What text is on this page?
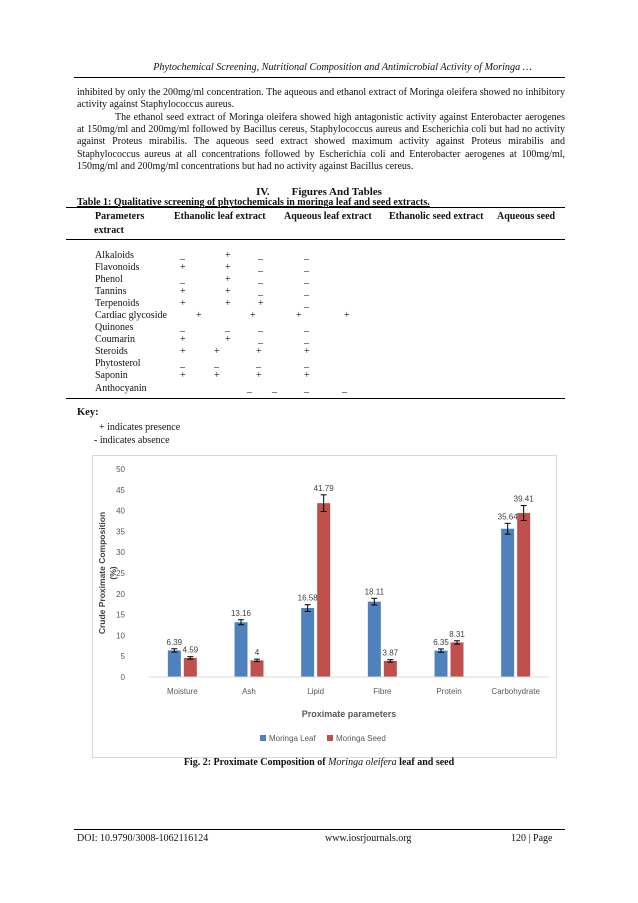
Phytochemical Screening, Nutritional Composition and Antimicrobial Activity of Moringa …

inhibited by only the 200mg/ml concentration. The aqueous and ethanol extract of Moringa oleifera showed no inhibitory activity against Staphylococcus aureus.

The ethanol seed extract of Moringa oleifera showed high antagonistic activity against Enterobacter aerogenes at 150mg/ml and 200mg/ml followed by Bacillus cereus, Staphylococcus aureus and Escherichia coli but had no activity against Proteus mirabilis. The aqueous seed extract showed maximum activity against Proteus mirabilis and Staphylococcus aureus at all concentrations followed by Escherichia coli and Enterobacter aerogenes at 100mg/ml, 150mg/ml and 200mg/ml concentrations but had no activity against Bacillus cereus.

IV. Figures And Tables
Table 1: Qualitative screening of phytochemicals in moringa leaf and seed extracts.
Parameters	Ethanolic leaf extract Aqueous leaf extract Ethanolic seed extract Aqueous seed
extract
Alkaloids	_	+	_	_
Flavonoids	+	+	_	_
Phenol	_	+	_	_
Tannins	+	+	_	_
Terpenoids	+	+	+	_
Cardiac glycoside	+	+	+	+
Quinones	_	_	_	_
Coumarin	+	+	_	_
Steroids	+	+	+	+
Phytosterol	_	_	_	_
Saponin	+	+	+	+
Anthocyanin	_ _	_	_
Key:
+ indicates presence
- indicates absence
0
5
10
15
20
25
30
35
40
45
50
6.39
4.59
13.16
4
16.58
41.79
18.11
3.87
6.35
8.31
35.64
39.41
Moisture	Ash	Lipid	Fibre	Protein	Carbohydrate
Proximate parameters
Crude Proximate Composition (%)
Moringa Leaf	Moringa Seed
Fig. 2: Proximate Composition of Moringa oleifera leaf and seed
DOI: 10.9790/3008-1062116124	www.iosrjournals.org	120 | Page
